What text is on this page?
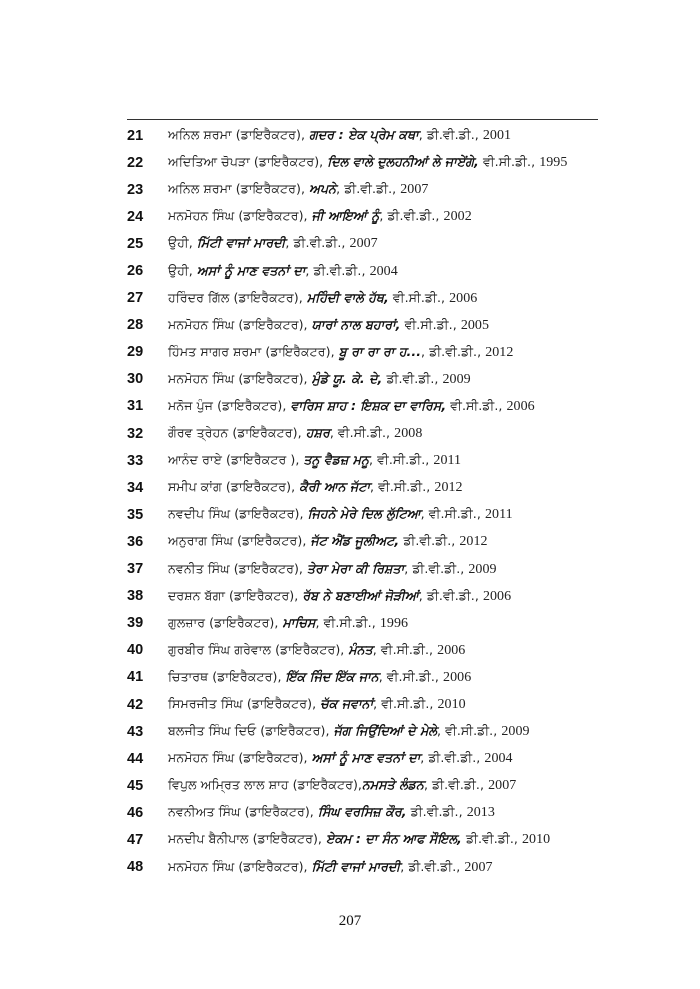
21	ਅਨਿਲ ਸ਼ਰਮਾ (ਡਾਇਰੈਕਟਰ), ਗਦਰ : ਏਕ ਪ੍ਰੇਮ ਕਥਾ, ਡੀ.ਵੀ.ਡੀ., 2001
22	ਅਦਿਤਿਆ ਚੋਪੜਾ (ਡਾਇਰੈਕਟਰ), ਦਿਲ ਵਾਲੇ ਦੁਲਹਨੀਆਂ ਲੇ ਜਾਏਂਗੇ, ਵੀ.ਸੀ.ਡੀ., 1995
23	ਅਨਿਲ ਸ਼ਰਮਾ (ਡਾਇਰੈਕਟਰ), ਅਪਨੇ, ਡੀ.ਵੀ.ਡੀ., 2007
24	ਮਨਮੋਹਨ ਸਿੰਘ (ਡਾਇਰੈਕਟਰ), ਜੀ ਆਇਆਂ ਨੂੰ, ਡੀ.ਵੀ.ਡੀ., 2002
25	ਉਹੀ, ਮਿੱਟੀ ਵਾਜਾਂ ਮਾਰਦੀ, ਡੀ.ਵੀ.ਡੀ., 2007
26	ਉਹੀ, ਅਸਾਂ ਨੂੰ ਮਾਣ ਵਤਨਾਂ ਦਾ, ਡੀ.ਵੀ.ਡੀ., 2004
27	ਹਰਿੰਦਰ ਗਿੱਲ (ਡਾਇਰੈਕਟਰ), ਮਹਿੰਦੀ ਵਾਲੇ ਹੱਥ, ਵੀ.ਸੀ.ਡੀ., 2006
28	ਮਨਮੋਹਨ ਸਿੰਘ (ਡਾਇਰੈਕਟਰ), ਯਾਰਾਂ ਨਾਲ ਬਹਾਰਾਂ, ਵੀ.ਸੀ.ਡੀ., 2005
29	ਹਿੰਮਤ ਸਾਗਰ ਸ਼ਰਮਾ (ਡਾਇਰੈਕਟਰ), ਬੂ ਰਾ ਰਾ ਰਾ ਹ..., ਡੀ.ਵੀ.ਡੀ., 2012
30	ਮਨਮੋਹਨ ਸਿੰਘ (ਡਾਇਰੈਕਟਰ), ਮੁੰਡੇ ਯੂ. ਕੇ. ਦੇ, ਡੀ.ਵੀ.ਡੀ., 2009
31	ਮਨੋਜ ਪੁੰਜ (ਡਾਇਰੈਕਟਰ), ਵਾਰਿਸ ਸ਼ਾਹ : ਇਸ਼ਕ ਦਾ ਵਾਰਿਸ, ਵੀ.ਸੀ.ਡੀ., 2006
32	ਗੌਰਵ ਤ੍ਰੇਹਨ (ਡਾਇਰੈਕਟਰ), ਹਸ਼ਰ, ਵੀ.ਸੀ.ਡੀ., 2008
33	ਆਨੰਦ ਰਾਏ (ਡਾਇਰੈਕਟਰ ), ਤਨੂ ਵੈਡਜ਼ ਮਨੂ, ਵੀ.ਸੀ.ਡੀ., 2011
34	ਸਮੀਪ ਕਾਂਗ (ਡਾਇਰੈਕਟਰ), ਕੈਰੀ ਆਨ ਜੱਟਾ, ਵੀ.ਸੀ.ਡੀ., 2012
35	ਨਵਦੀਪ ਸਿੰਘ (ਡਾਇਰੈਕਟਰ), ਜਿਹਨੇ ਮੇਰੇ ਦਿਲ ਲੁੱਟਿਆ, ਵੀ.ਸੀ.ਡੀ., 2011
36	ਅਨੁਰਾਗ ਸਿੰਘ (ਡਾਇਰੈਕਟਰ), ਜੱਟ ਐਂਡ ਜੂਲੀਅਟ, ਡੀ.ਵੀ.ਡੀ., 2012
37	ਨਵਨੀਤ ਸਿੰਘ (ਡਾਇਰੈਕਟਰ), ਤੇਰਾ ਮੇਰਾ ਕੀ ਰਿਸ਼ਤਾ, ਡੀ.ਵੀ.ਡੀ., 2009
38	ਦਰਸ਼ਨ ਬੱਗਾ (ਡਾਇਰੈਕਟਰ), ਰੱਬ ਨੇ ਬਣਾਈਆਂ ਜੋੜੀਆਂ, ਡੀ.ਵੀ.ਡੀ., 2006
39	ਗੁਲਜ਼ਾਰ (ਡਾਇਰੈਕਟਰ), ਮਾਚਿਸ, ਵੀ.ਸੀ.ਡੀ., 1996
40	ਗੁਰਬੀਰ ਸਿੰਘ ਗਰੇਵਾਲ (ਡਾਇਰੈਕਟਰ), ਮੰਨਤ, ਵੀ.ਸੀ.ਡੀ., 2006
41	ਚਿਤਾਰਥ (ਡਾਇਰੈਕਟਰ), ਇੱਕ ਜਿੰਦ ਇੱਕ ਜਾਨ, ਵੀ.ਸੀ.ਡੀ., 2006
42	ਸਿਮਰਜੀਤ ਸਿੰਘ (ਡਾਇਰੈਕਟਰ), ਚੱਕ ਜਵਾਨਾਂ, ਵੀ.ਸੀ.ਡੀ., 2010
43	ਬਲਜੀਤ ਸਿੰਘ ਦਿਓ (ਡਾਇਰੈਕਟਰ), ਜੱਗ ਜਿਉਂਦਿਆਂ ਦੇ ਮੇਲੇ, ਵੀ.ਸੀ.ਡੀ., 2009
44	ਮਨਮੋਹਨ ਸਿੰਘ (ਡਾਇਰੈਕਟਰ), ਅਸਾਂ ਨੂੰ ਮਾਣ ਵਤਨਾਂ ਦਾ, ਡੀ.ਵੀ.ਡੀ., 2004
45	ਵਿਪੁਲ ਅਮ੍ਰਿਤ ਲਾਲ ਸ਼ਾਹ (ਡਾਇਰੈਕਟਰ),ਨਮਸਤੇ ਲੰਡਨ, ਡੀ.ਵੀ.ਡੀ., 2007
46	ਨਵਨੀਅਤ ਸਿੰਘ (ਡਾਇਰੈਕਟਰ), ਸਿੰਘ ਵਰਸਿਜ਼ ਕੌਰ, ਡੀ.ਵੀ.ਡੀ., 2013
47	ਮਨਦੀਪ ਬੈਨੀਪਾਲ (ਡਾਇਰੈਕਟਰ), ਏਕਮ : ਦਾ ਸੰਨ ਆਫ ਸੌਇਲ, ਡੀ.ਵੀ.ਡੀ., 2010
48	ਮਨਮੋਹਨ ਸਿੰਘ (ਡਾਇਰੈਕਟਰ), ਮਿੱਟੀ ਵਾਜਾਂ ਮਾਰਦੀ, ਡੀ.ਵੀ.ਡੀ., 2007
207
